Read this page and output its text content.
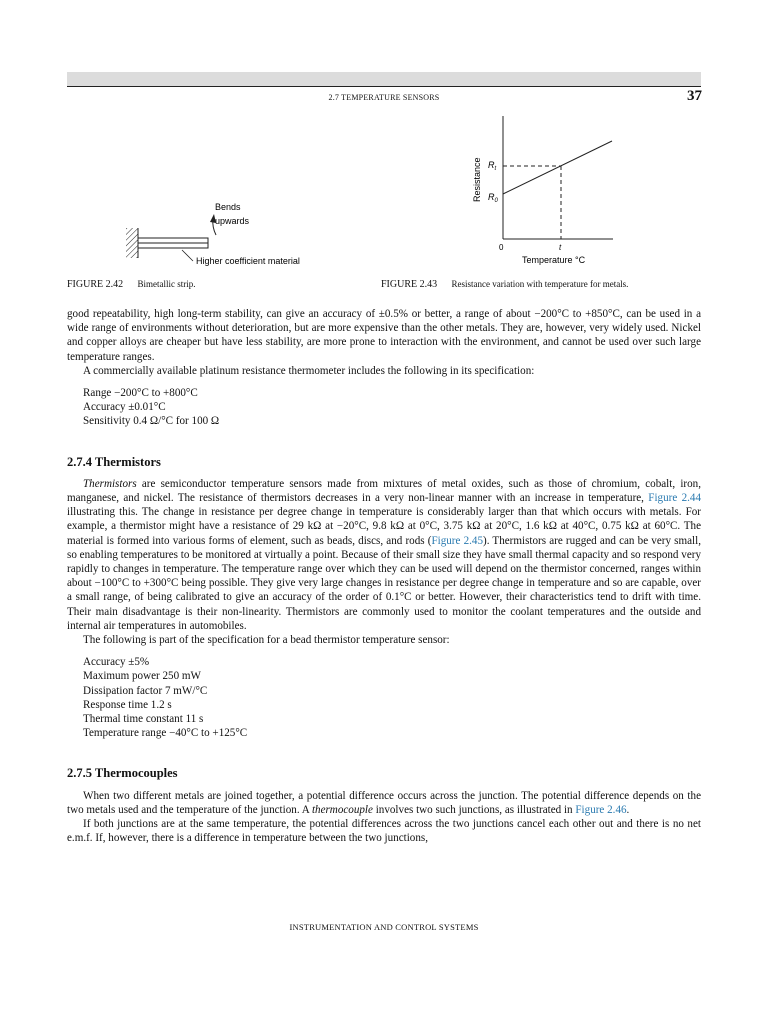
2.7 TEMPERATURE SENSORS	37
Bends
upwards
Higher coefficient material
Resistance $R_t$
$R_0$
0	t
Temperature °C
FIGURE 2.42 Bimetallic strip.	FIGURE 2.43 Resistance variation with temperature for metals.

good repeatability, high long-term stability, can give an accuracy of ±0.5% or better, a range of about −200°C to +850°C, can be used in a wide range of environments without deterioration, but are more expensive than the other metals. They are, however, very widely used. Nickel and copper alloys are cheaper but have less stability, are more prone to interaction with the environment, and cannot be used over such large temperature ranges.

A commercially available platinum resistance thermometer includes the following in its specification:

Range −200°C to +800°C
Accuracy ±0.01°C
Sensitivity 0.4 Ω/°C for 100 Ω
2.7.4 Thermistors

Thermistors are semiconductor temperature sensors made from mixtures of metal oxides, such as those of chromium, cobalt, iron, manganese, and nickel. The resistance of thermistors decreases in a very non-linear manner with an increase in temperature, Figure 2.44 illustrating this. The change in resistance per degree change in temperature is considerably larger than that which occurs with metals. For example, a thermistor might have a resistance of 29 kΩ at −20°C, 9.8 kΩ at 0°C, 3.75 kΩ at 20°C, 1.6 kΩ at 40°C, 0.75 kΩ at 60°C. The material is formed into various forms of element, such as beads, discs, and rods (Figure 2.45). Thermistors are rugged and can be very small, so enabling temperatures to be monitored at virtually a point. Because of their small size they have small thermal capacity and so respond very rapidly to changes in temperature. The temperature range over which they can be used will depend on the thermistor concerned, ranges within about −100°C to +300°C being possible. They give very large changes in resistance per degree change in temperature and so are capable, over a small range, of being calibrated to give an accuracy of the order of 0.1°C or better. However, their characteristics tend to drift with time. Their main disadvantage is their non-linearity. Thermistors are commonly used to monitor the coolant temperatures and the outside and internal air temperatures in automobiles.

The following is part of the specification for a bead thermistor temperature sensor:

Accuracy ±5%
Maximum power 250 mW
Dissipation factor 7 mW/°C
Response time 1.2 s
Thermal time constant 11 s
Temperature range −40°C to +125°C
2.7.5 Thermocouples

When two different metals are joined together, a potential difference occurs across the junction. The potential difference depends on the two metals used and the temperature of the junction. A thermocouple involves two such junctions, as illustrated in Figure 2.46.

If both junctions are at the same temperature, the potential differences across the two junctions cancel each other out and there is no net e.m.f. If, however, there is a difference in temperature between the two junctions,

INSTRUMENTATION AND CONTROL SYSTEMS
